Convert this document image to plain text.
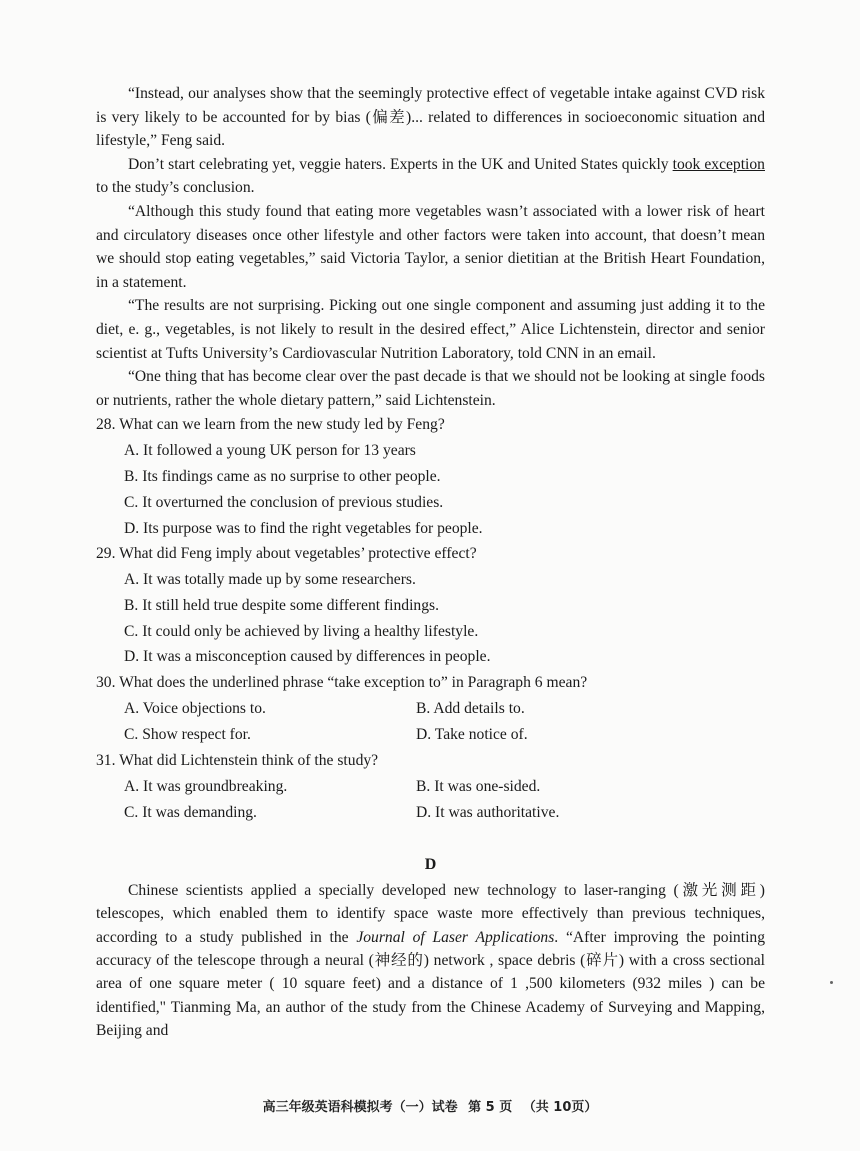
“Instead, our analyses show that the seemingly protective effect of vegetable intake against CVD risk is very likely to be accounted for by bias (偏差)... related to differences in socioeconomic situation and lifestyle,” Feng said.

Don’t start celebrating yet, veggie haters. Experts in the UK and United States quickly took exception to the study’s conclusion.

“Although this study found that eating more vegetables wasn’t associated with a lower risk of heart and circulatory diseases once other lifestyle and other factors were taken into account, that doesn’t mean we should stop eating vegetables,” said Victoria Taylor, a senior dietitian at the British Heart Foundation, in a statement.

“The results are not surprising. Picking out one single component and assuming just adding it to the diet, e. g., vegetables, is not likely to result in the desired effect,” Alice Lichtenstein, director and senior scientist at Tufts University’s Cardiovascular Nutrition Laboratory, told CNN in an email.

“One thing that has become clear over the past decade is that we should not be looking at single foods or nutrients, rather the whole dietary pattern,” said Lichtenstein.

28. What can we learn from the new study led by Feng?
A. It followed a young UK person for 13 years
B. Its findings came as no surprise to other people.
C. It overturned the conclusion of previous studies.
D. Its purpose was to find the right vegetables for people.
29. What did Feng imply about vegetables’ protective effect?
A. It was totally made up by some researchers.
B. It still held true despite some different findings.
C. It could only be achieved by living a healthy lifestyle.
D. It was a misconception caused by differences in people.
30. What does the underlined phrase “take exception to” in Paragraph 6 mean?
A. Voice objections to.	B. Add details to.
C. Show respect for.	D. Take notice of.
31. What did Lichtenstein think of the study?
A. It was groundbreaking.	B. It was one-sided.
C. It was demanding.	D. It was authoritative.
D

Chinese scientists applied a specially developed new technology to laser-ranging (激光测距) telescopes, which enabled them to identify space waste more effectively than previous techniques, according to a study published in the Journal of Laser Applications. “After improving the pointing accuracy of the telescope through a neural (神经的) network , space debris (碎片) with a cross sectional area of one square meter ( 10 square feet) and a distance of 1 ,500 kilometers (932 miles ) can be identified," Tianming Ma, an author of the study from the Chinese Academy of Surveying and Mapping, Beijing and

高三年级英语科模拟考（一）试卷 第 5 页 （共 10页）
